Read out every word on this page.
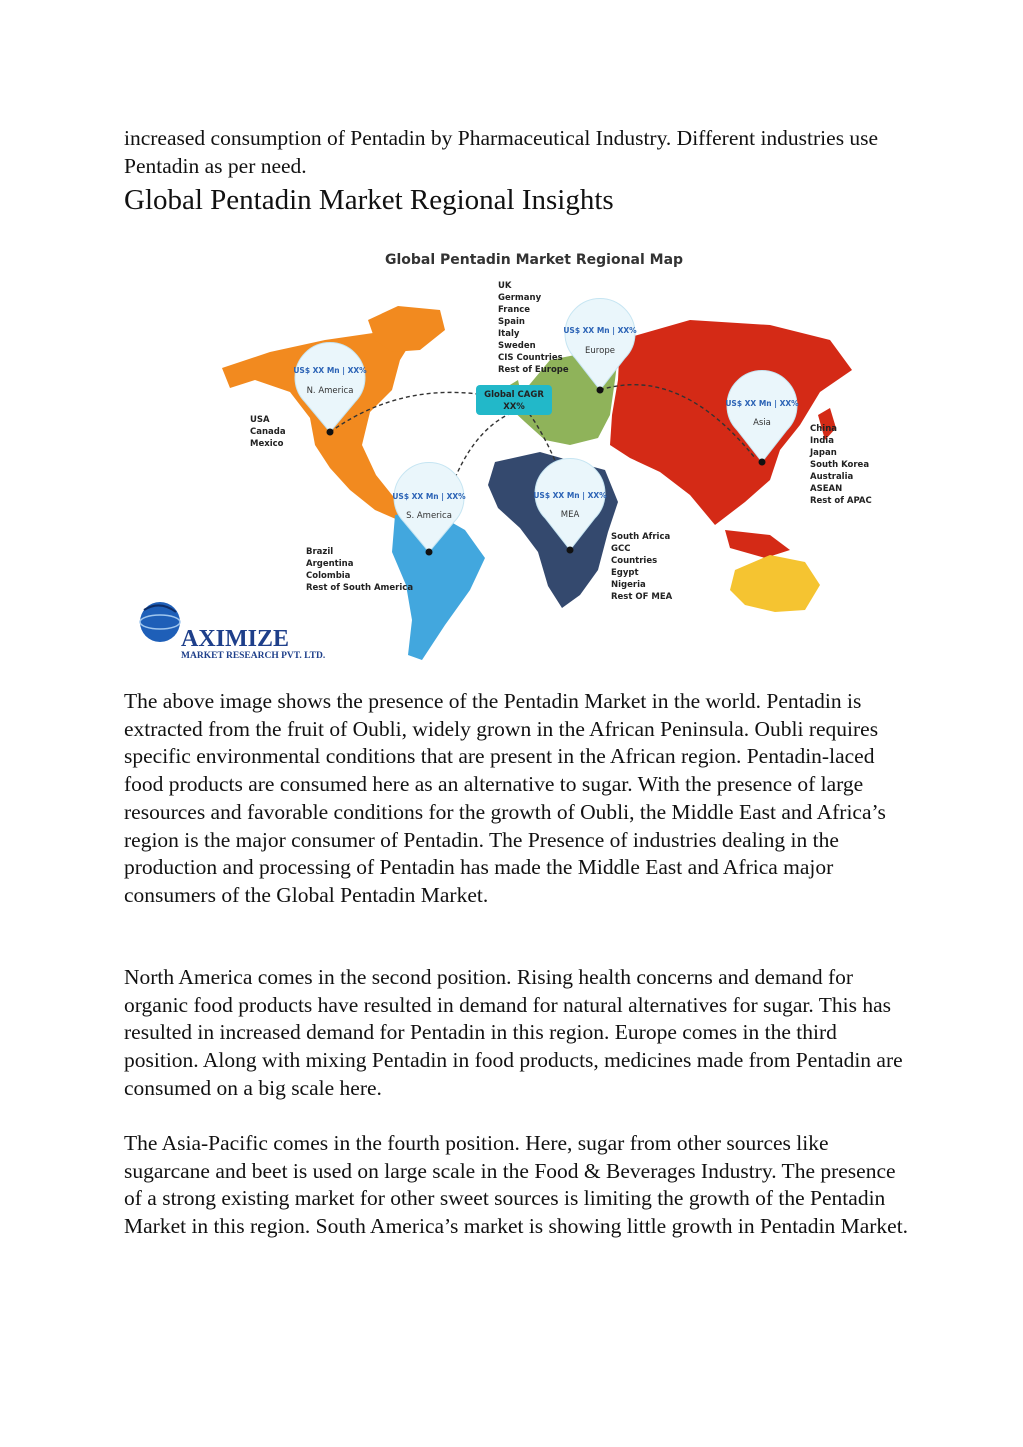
increased consumption of Pentadin by Pharmaceutical Industry. Different industries use Pentadin as per need.

Global Pentadin Market Regional Insights
Global Pentadin Market Regional Map
Global CAGR
XX%
US$ XX Mn | XX%
N. America
US$ XX Mn | XX%
Europe
US$ XX Mn | XX%
Asia
US$ XX Mn | XX%
S. America
US$ XX Mn | XX%
MEA
USA
Canada
Mexico
UK
Germany
France
Spain
Italy
Sweden
CIS Countries
Rest of Europe
China
India
Japan
South Korea
Australia
ASEAN
Rest of APAC
Brazil
Argentina
Colombia
Rest of South America
South Africa
GCC
Countries
Egypt
Nigeria
Rest OF MEA
AXIMIZE
MARKET RESEARCH PVT. LTD.

The above image shows the presence of the Pentadin Market in the world. Pentadin is extracted from the fruit of Oubli, widely grown in the African Peninsula. Oubli requires specific environmental conditions that are present in the African region. Pentadin-laced food products are consumed here as an alternative to sugar. With the presence of large resources and favorable conditions for the growth of Oubli, the Middle East and Africa’s region is the major consumer of Pentadin. The Presence of industries dealing in the production and processing of Pentadin has made the Middle East and Africa major consumers of the Global Pentadin Market.

North America comes in the second position. Rising health concerns and demand for organic food products have resulted in demand for natural alternatives for sugar. This has resulted in increased demand for Pentadin in this region. Europe comes in the third position. Along with mixing Pentadin in food products, medicines made from Pentadin are consumed on a big scale here.

The Asia-Pacific comes in the fourth position. Here, sugar from other sources like sugarcane and beet is used on large scale in the Food & Beverages Industry. The presence of a strong existing market for other sweet sources is limiting the growth of the Pentadin Market in this region. South America’s market is showing little growth in Pentadin Market.
